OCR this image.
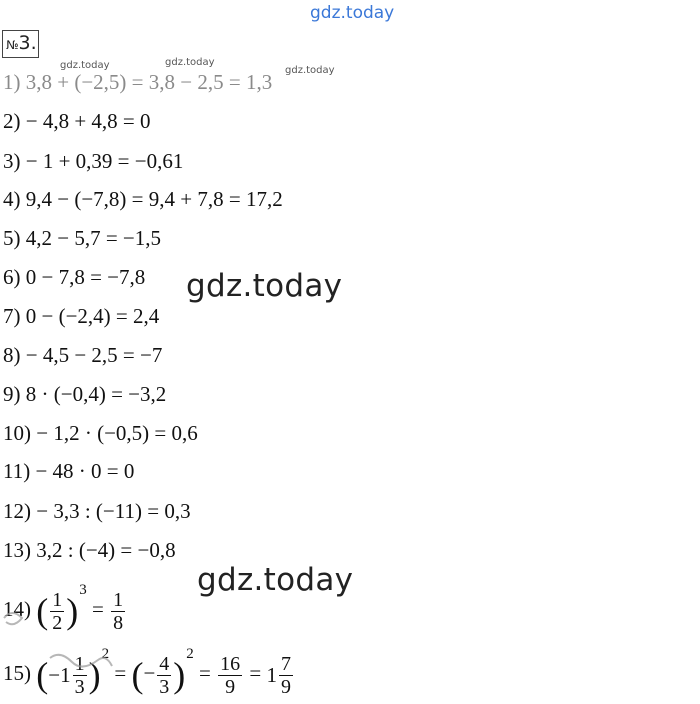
gdz.today
gdz.today	gdz.today
gdz.today
gdz.today
gdz.today
№3.
1) 3,8 + (−2,5) = 3,8 − 2,5 = 1,3
2) − 4,8 + 4,8 = 0
3) − 1 + 0,39 = −0,61
4) 9,4 − (−7,8) = 9,4 + 7,8 = 17,2
5) 4,2 − 5,7 = −1,5
6) 0 − 7,8 = −7,8
7) 0 − (−2,4) = 2,4
8) − 4,5 − 2,5 = −7
9) 8 · (−0,4) = −3,2
10) − 1,2 · (−0,5) = 0,6
11) − 48 · 0 = 0
12) − 3,3 : (−11) = 0,3
13) 3,2 : (−4) = −0,8
14) ( $\frac{1}{2} )^3 = \frac{1}{8}$
15) $(-1 \frac{1}{3} )^2$ = (− $\frac{4}{3} )^2 = \frac{16}{9} = 1 \frac{7}{9}$
